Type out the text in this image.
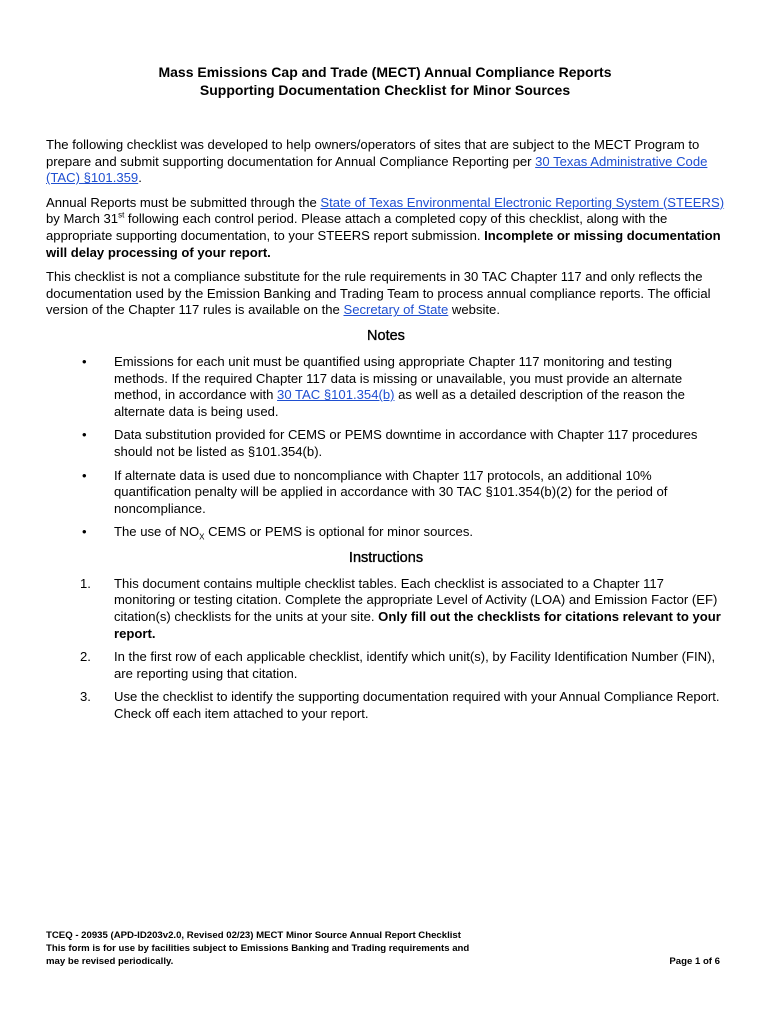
Mass Emissions Cap and Trade (MECT) Annual Compliance Reports
Supporting Documentation Checklist for Minor Sources

The following checklist was developed to help owners/operators of sites that are subject to the MECT Program to prepare and submit supporting documentation for Annual Compliance Reporting per 30 Texas Administrative Code (TAC) §101.359.

Annual Reports must be submitted through the State of Texas Environmental Electronic Reporting System (STEERS) by March 31st following each control period. Please attach a completed copy of this checklist, along with the appropriate supporting documentation, to your STEERS report submission. Incomplete or missing documentation will delay processing of your report.

This checklist is not a compliance substitute for the rule requirements in 30 TAC Chapter 117 and only reflects the documentation used by the Emission Banking and Trading Team to process annual compliance reports. The official version of the Chapter 117 rules is available on the Secretary of State website.

Notes
• Emissions for each unit must be quantified using appropriate Chapter 117 monitoring and testing methods. If the required Chapter 117 data is missing or unavailable, you must provide an alternate method, in accordance with 30 TAC §101.354(b) as well as a detailed description of the reason the alternate data is being used.
• Data substitution provided for CEMS or PEMS downtime in accordance with Chapter 117 procedures should not be listed as §101.354(b).
• If alternate data is used due to noncompliance with Chapter 117 protocols, an additional 10% quantification penalty will be applied in accordance with 30 TAC §101.354(b)(2) for the period of noncompliance.
• The use of $NO_X$ CEMS or PEMS is optional for minor sources.
Instructions
1. This document contains multiple checklist tables. Each checklist is associated to a Chapter 117 monitoring or testing citation. Complete the appropriate Level of Activity (LOA) and Emission Factor (EF) citation(s) checklists for the units at your site. Only fill out the checklists for citations relevant to your report.
2. In the first row of each applicable checklist, identify which unit(s), by Facility Identification Number (FIN), are reporting using that citation.
3. Use the checklist to identify the supporting documentation required with your Annual Compliance Report. Check off each item attached to your report.
TCEQ - 20935 (APD-ID203v2.0, Revised 02/23) MECT Minor Source Annual Report Checklist
This form is for use by facilities subject to Emissions Banking and Trading requirements and
may be revised periodically.	Page 1 of 6
